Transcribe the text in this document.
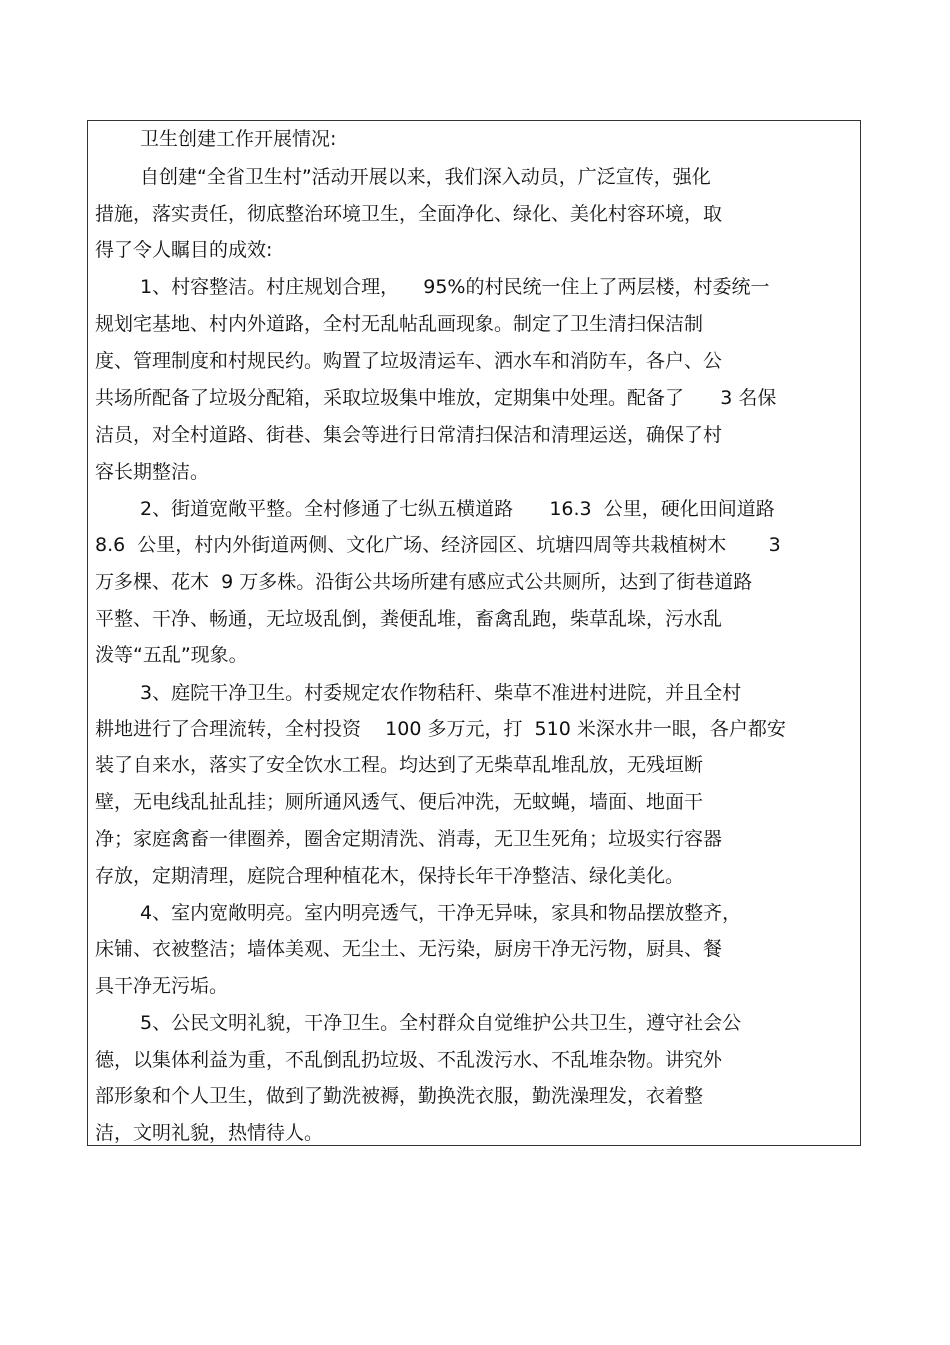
卫生创建工作开展情况:
自创建“全省卫生村”活动开展以来，我们深入动员，广泛宣传，强化
措施，落实责任，彻底整治环境卫生，全面净化、绿化、美化村容环境，取
得了令人瞩目的成效:
1、村容整洁。村庄规划合理，    95%的村民统一住上了两层楼，村委统一
规划宅基地、村内外道路，全村无乱帖乱画现象。制定了卫生清扫保洁制
度、管理制度和村规民约。购置了垃圾清运车、洒水车和消防车，各户、公
共场所配备了垃圾分配箱，采取垃圾集中堆放，定期集中处理。配备了      3 名保
洁员，对全村道路、街巷、集会等进行日常清扫保洁和清理运送，确保了村
容长期整洁。
2、街道宽敞平整。全村修通了七纵五横道路      16.3  公里，硬化田间道路
8.6  公里，村内外街道两侧、文化广场、经济园区、坑塘四周等共栽植树木       3
万多棵、花木  9 万多株。沿街公共场所建有感应式公共厕所，达到了街巷道路
平整、干净、畅通，无垃圾乱倒，粪便乱堆，畜禽乱跑，柴草乱垛，污水乱
泼等“五乱”现象。
3、庭院干净卫生。村委规定农作物秸秆、柴草不准进村进院，并且全村
耕地进行了合理流转，全村投资    100 多万元，打  510 米深水井一眼，各户都安
装了自来水，落实了安全饮水工程。均达到了无柴草乱堆乱放，无残垣断
壁，无电线乱扯乱挂；厕所通风透气、便后冲洗，无蚊蝇，墙面、地面干
净；家庭禽畜一律圈养，圈舍定期清洗、消毒，无卫生死角；垃圾实行容器
存放，定期清理，庭院合理种植花木，保持长年干净整洁、绿化美化。
4、室内宽敞明亮。室内明亮透气，干净无异味，家具和物品摆放整齐，
床铺、衣被整洁；墙体美观、无尘土、无污染，厨房干净无污物，厨具、餐
具干净无污垢。
5、公民文明礼貌，干净卫生。全村群众自觉维护公共卫生，遵守社会公
德，以集体利益为重，不乱倒乱扔垃圾、不乱泼污水、不乱堆杂物。讲究外
部形象和个人卫生，做到了勤洗被褥，勤换洗衣服，勤洗澡理发，衣着整
洁，文明礼貌，热情待人。
